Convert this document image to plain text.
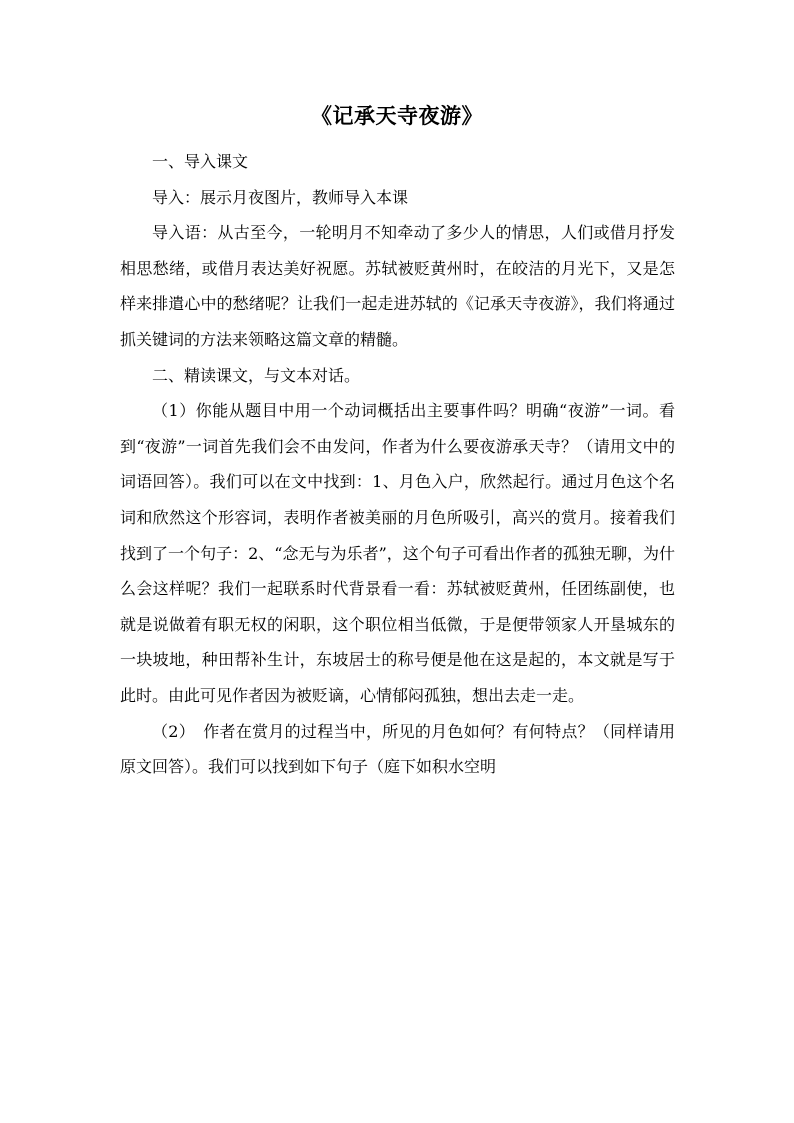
《记承天寺夜游》

一、导入课文

导入：展示月夜图片，教师导入本课

导入语：从古至今，一轮明月不知牵动了多少人的情思，人们或借月抒发相思愁绪，或借月表达美好祝愿。苏轼被贬黄州时，在皎洁的月光下，又是怎样来排遣心中的愁绪呢？让我们一起走进苏轼的《记承天寺夜游》，我们将通过抓关键词的方法来领略这篇文章的精髓。

二、精读课文，与文本对话。

（1）你能从题目中用一个动词概括出主要事件吗？明确“夜游”一词。看到“夜游”一词首先我们会不由发问，作者为什么要夜游承天寺？（请用文中的词语回答）。我们可以在文中找到：1、月色入户，欣然起行。通过月色这个名词和欣然这个形容词，表明作者被美丽的月色所吸引，高兴的赏月。接着我们找到了一个句子：2、“念无与为乐者”，这个句子可看出作者的孤独无聊，为什么会这样呢？我们一起联系时代背景看一看：苏轼被贬黄州，任团练副使，也就是说做着有职无权的闲职，这个职位相当低微，于是便带领家人开垦城东的一块坡地，种田帮补生计，东坡居士的称号便是他在这是起的，本文就是写于此时。由此可见作者因为被贬谪，心情郁闷孤独，想出去走一走。

（2）　作者在赏月的过程当中，所见的月色如何？有何特点？（同样请用原文回答）。我们可以找到如下句子（庭下如积水空明
